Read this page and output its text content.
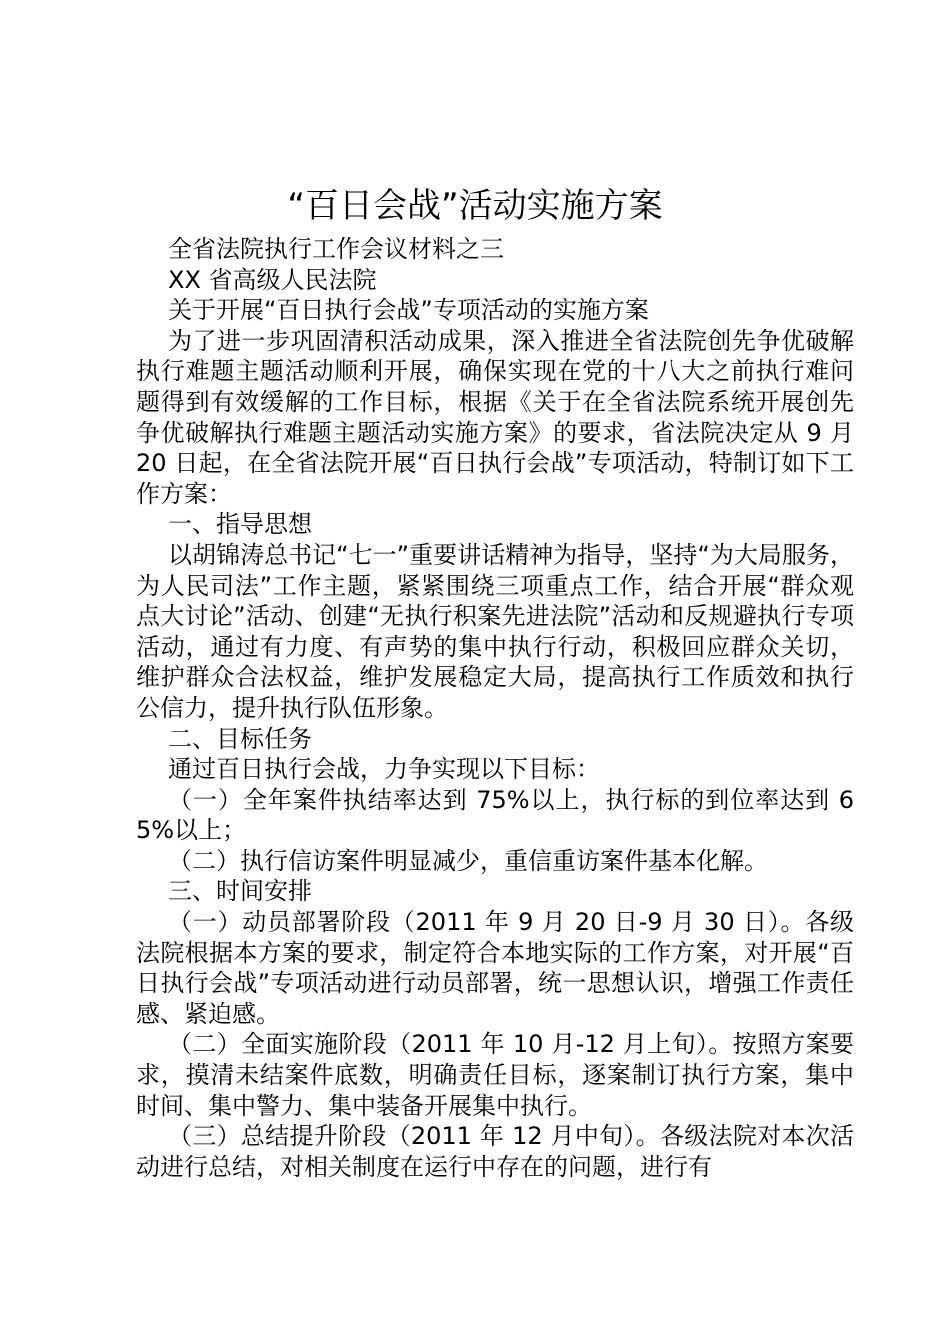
“百日会战”活动实施方案

全省法院执行工作会议材料之三

XX 省高级人民法院

关于开展“百日执行会战”专项活动的实施方案

为了进一步巩固清积活动成果，深入推进全省法院创先争优破解执行难题主题活动顺利开展，确保实现在党的十八大之前执行难问题得到有效缓解的工作目标，根据《关于在全省法院系统开展创先争优破解执行难题主题活动实施方案》的要求，省法院决定从 9 月 20 日起，在全省法院开展“百日执行会战”专项活动，特制订如下工作方案：

一、指导思想

以胡锦涛总书记“七一”重要讲话精神为指导，坚持“为大局服务，为人民司法”工作主题，紧紧围绕三项重点工作，结合开展“群众观点大讨论”活动、创建“无执行积案先进法院”活动和反规避执行专项活动，通过有力度、有声势的集中执行行动，积极回应群众关切，维护群众合法权益，维护发展稳定大局，提高执行工作质效和执行公信力，提升执行队伍形象。

二、目标任务

通过百日执行会战，力争实现以下目标：

（一）全年案件执结率达到 75%以上，执行标的到位率达到 65%以上；

（二）执行信访案件明显减少，重信重访案件基本化解。

三、时间安排

（一）动员部署阶段（2011 年 9 月 20 日-9 月 30 日）。各级法院根据本方案的要求，制定符合本地实际的工作方案，对开展“百日执行会战”专项活动进行动员部署，统一思想认识，增强工作责任感、紧迫感。

（二）全面实施阶段（2011 年 10 月-12 月上旬）。按照方案要求，摸清未结案件底数，明确责任目标，逐案制订执行方案，集中时间、集中警力、集中装备开展集中执行。

（三）总结提升阶段（2011 年 12 月中旬）。各级法院对本次活动进行总结，对相关制度在运行中存在的问题，进行有
